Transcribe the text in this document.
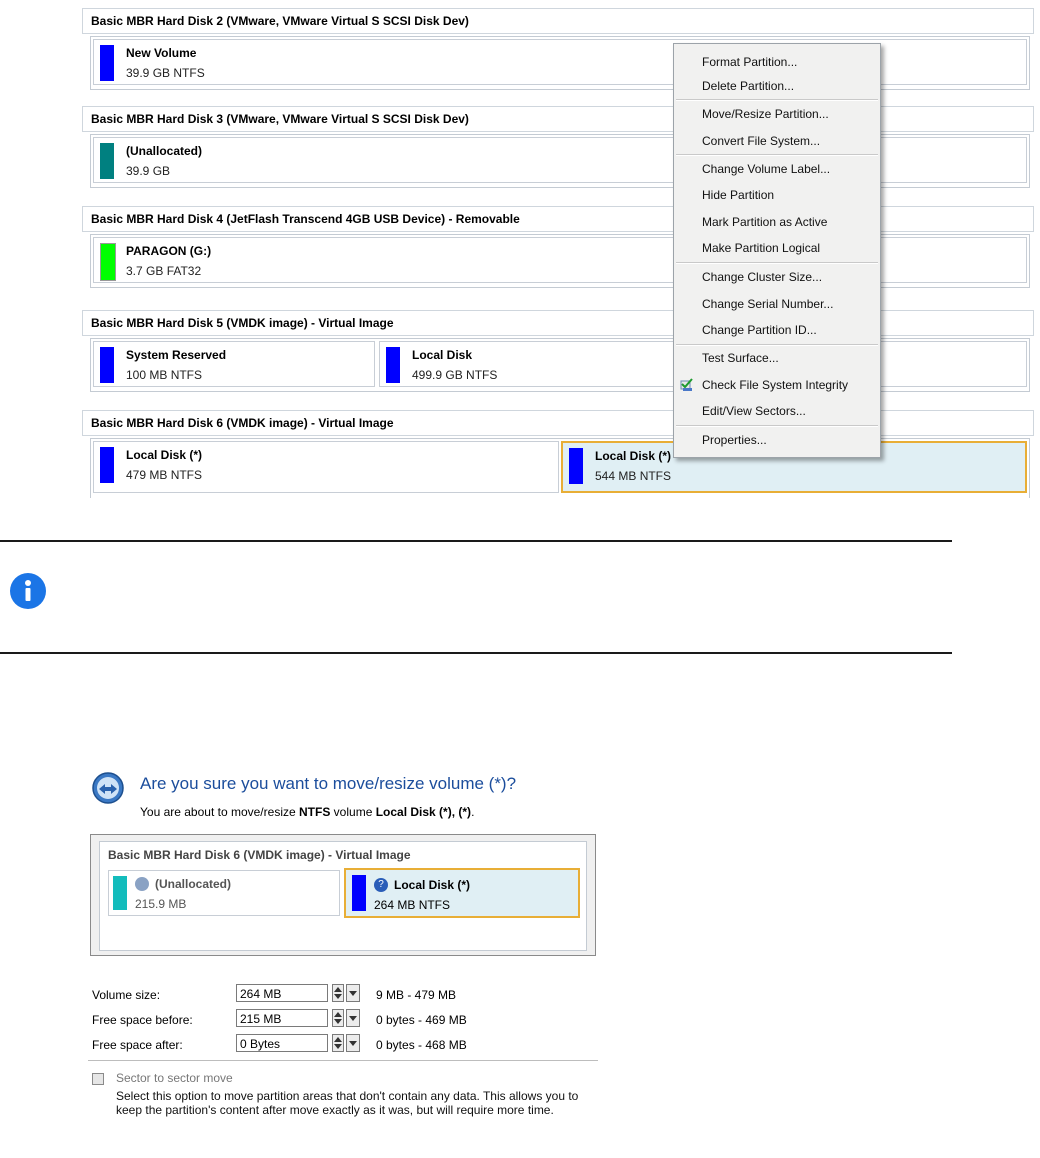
Basic MBR Hard Disk 2 (VMware, VMware Virtual S SCSI Disk Dev)
New Volume
39.9 GB NTFS
Basic MBR Hard Disk 3 (VMware, VMware Virtual S SCSI Disk Dev)
(Unallocated)
39.9 GB
Basic MBR Hard Disk 4 (JetFlash Transcend 4GB USB Device) - Removable
PARAGON (G:)
3.7 GB FAT32
Basic MBR Hard Disk 5 (VMDK image) - Virtual Image
System Reserved
100 MB NTFS
Local Disk
499.9 GB NTFS
Basic MBR Hard Disk 6 (VMDK image) - Virtual Image
Local Disk (*)
479 MB NTFS
Local Disk (*)
544 MB NTFS
Format Partition...
Delete Partition...
Move/Resize Partition...
Convert File System...
Change Volume Label...
Hide Partition
Mark Partition as Active
Make Partition Logical
Change Cluster Size...
Change Serial Number...
Change Partition ID...
Test Surface...
Check File System Integrity
Edit/View Sectors...
Properties...
Are you sure you want to move/resize volume (*)?
You are about to move/resize NTFS volume Local Disk (*), (*).
Basic MBR Hard Disk 6 (VMDK image) - Virtual Image
(Unallocated)
215.9 MB
? Local Disk (*)
264 MB NTFS
Volume size:	264 MB	9 MB - 479 MB
Free space before:	215 MB	0 bytes - 469 MB
Free space after:	0 Bytes	0 bytes - 468 MB
Sector to sector move
Select this option to move partition areas that don't contain any data. This allows you to keep the partition's content after move exactly as it was, but will require more time.
